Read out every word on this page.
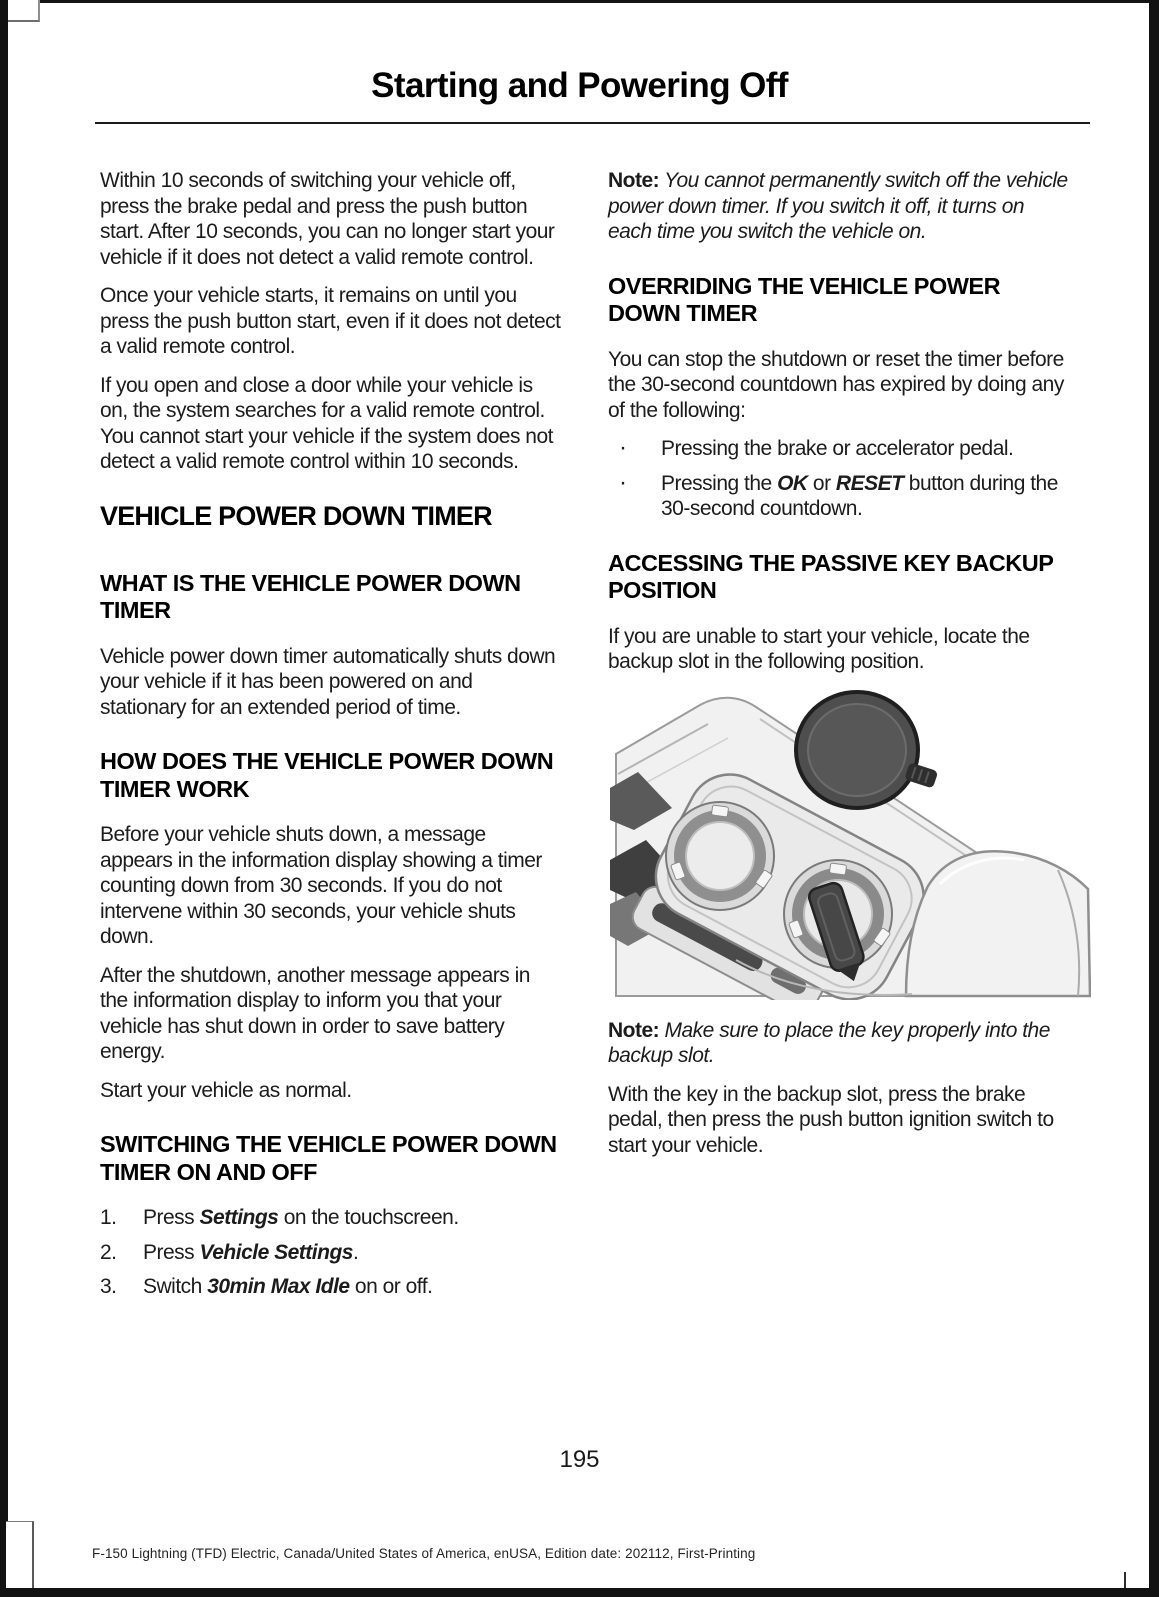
Starting and Powering Off

Within 10 seconds of switching your vehicle off, press the brake pedal and press the push button start. After 10 seconds, you can no longer start your vehicle if it does not detect a valid remote control.

Once your vehicle starts, it remains on until you press the push button start, even if it does not detect a valid remote control.

If you open and close a door while your vehicle is on, the system searches for a valid remote control. You cannot start your vehicle if the system does not detect a valid remote control within 10 seconds.

VEHICLE POWER DOWN TIMER
WHAT IS THE VEHICLE POWER DOWN TIMER

Vehicle power down timer automatically shuts down your vehicle if it has been powered on and stationary for an extended period of time.

HOW DOES THE VEHICLE POWER DOWN TIMER WORK

Before your vehicle shuts down, a message appears in the information display showing a timer counting down from 30 seconds. If you do not intervene within 30 seconds, your vehicle shuts down.

After the shutdown, another message appears in the information display to inform you that your vehicle has shut down in order to save battery energy.

Start your vehicle as normal.

SWITCHING THE VEHICLE POWER DOWN TIMER ON AND OFF
1.	Press Settings on the touchscreen.
2.	Press Vehicle Settings.
3.	Switch 30min Max Idle on or off.

Note: You cannot permanently switch off the vehicle power down timer. If you switch it off, it turns on each time you switch the vehicle on.

OVERRIDING THE VEHICLE POWER DOWN TIMER

You can stop the shutdown or reset the timer before the 30-second countdown has expired by doing any of the following:

·	Pressing the brake or accelerator pedal.
·	Pressing the OK or RESET button during the 30-second countdown.
ACCESSING THE PASSIVE KEY BACKUP POSITION

If you are unable to start your vehicle, locate the backup slot in the following position.

Note: Make sure to place the key properly into the backup slot.

With the key in the backup slot, press the brake pedal, then press the push button ignition switch to start your vehicle.

195
F-150 Lightning (TFD) Electric, Canada/United States of America, enUSA, Edition date: 202112, First-Printing
